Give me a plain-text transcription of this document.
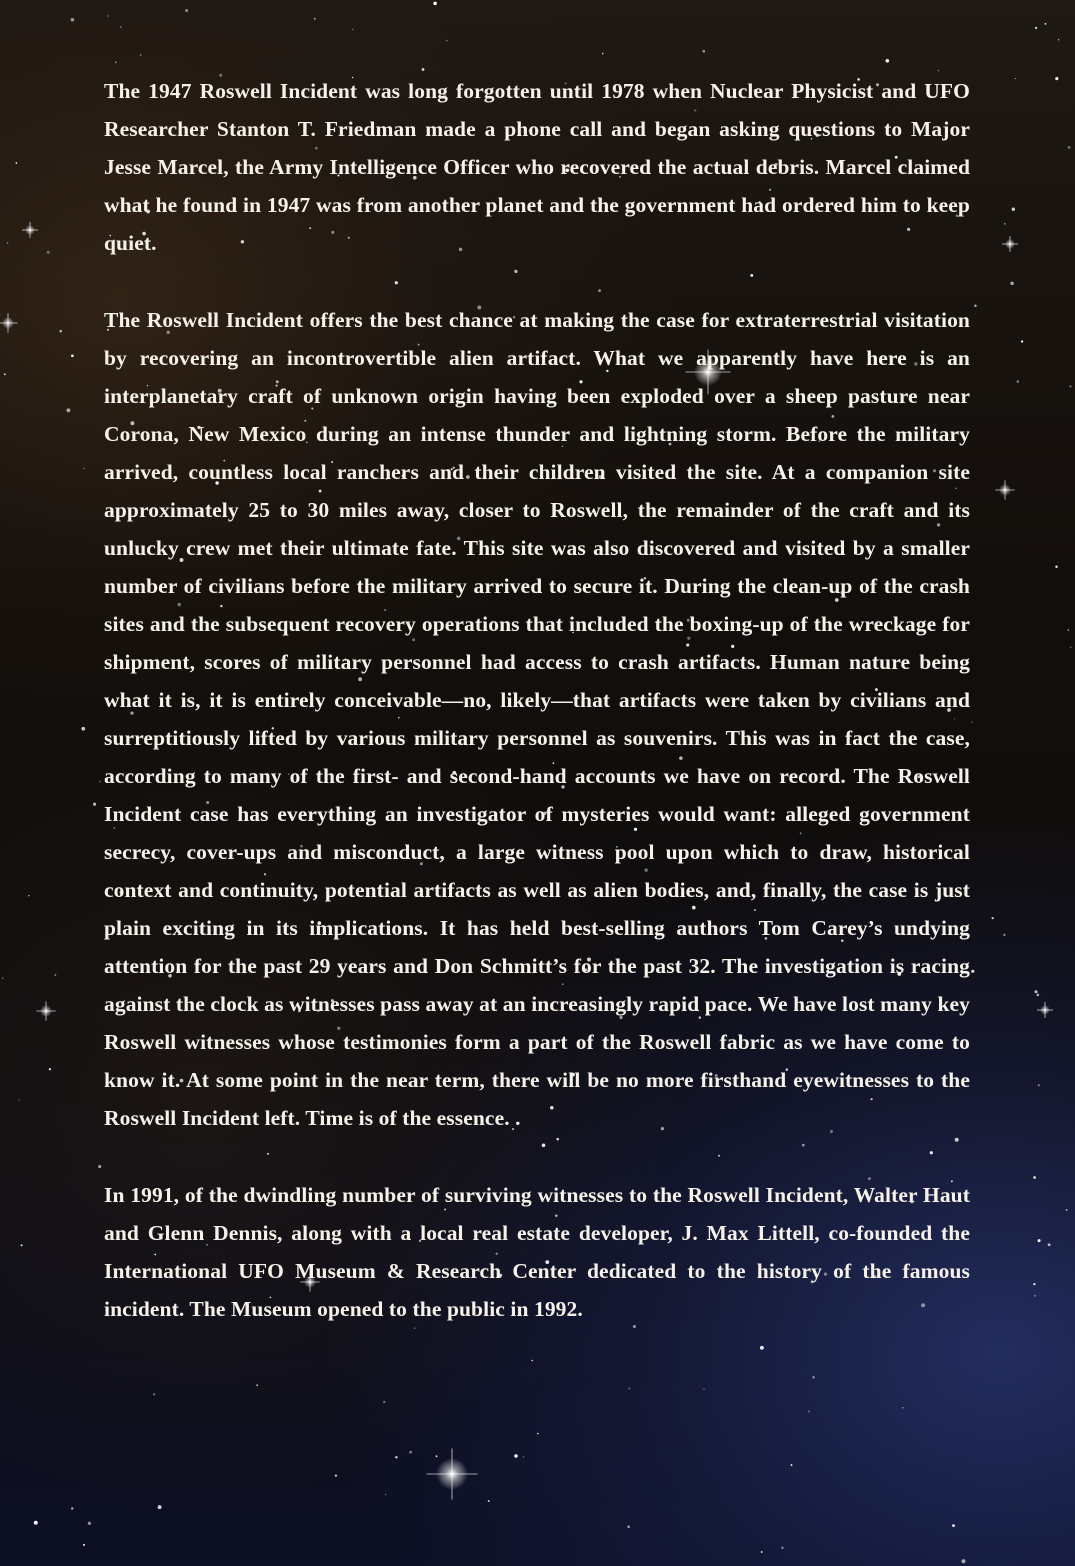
The 1947 Roswell Incident was long forgotten until 1978 when Nuclear Physicist and UFO Researcher Stanton T. Friedman made a phone call and began asking questions to Major Jesse Marcel, the Army Intelligence Officer who recovered the actual debris. Marcel claimed what he found in 1947 was from another planet and the government had ordered him to keep quiet.

The Roswell Incident offers the best chance at making the case for extraterrestrial visitation by recovering an incontrovertible alien artifact. What we apparently have here is an interplanetary craft of unknown origin having been exploded over a sheep pasture near Corona, New Mexico during an intense thunder and lightning storm. Before the military arrived, countless local ranchers and their children visited the site. At a companion site approximately 25 to 30 miles away, closer to Roswell, the remainder of the craft and its unlucky crew met their ultimate fate. This site was also discovered and visited by a smaller number of civilians before the military arrived to secure it. During the clean-up of the crash sites and the subsequent recovery operations that included the boxing-up of the wreckage for shipment, scores of military personnel had access to crash artifacts. Human nature being what it is, it is entirely conceivable—no, likely—that artifacts were taken by civilians and surreptitiously lifted by various military personnel as souvenirs. This was in fact the case, according to many of the first- and second-hand accounts we have on record. The Roswell Incident case has everything an investigator of mysteries would want: alleged government secrecy, cover-ups and misconduct, a large witness pool upon which to draw, historical context and continuity, potential artifacts as well as alien bodies, and, finally, the case is just plain exciting in its implications. It has held best-selling authors Tom Carey’s undying attention for the past 29 years and Don Schmitt’s for the past 32. The investigation is racing against the clock as witnesses pass away at an increasingly rapid pace. We have lost many key Roswell witnesses whose testimonies form a part of the Roswell fabric as we have come to know it. At some point in the near term, there will be no more firsthand eyewitnesses to the Roswell Incident left. Time is of the essence. .

In 1991, of the dwindling number of surviving witnesses to the Roswell Incident, Walter Haut and Glenn Dennis, along with a local real estate developer, J. Max Littell, co-founded the International UFO Museum & Research Center dedicated to the history of the famous incident. The Museum opened to the public in 1992.
